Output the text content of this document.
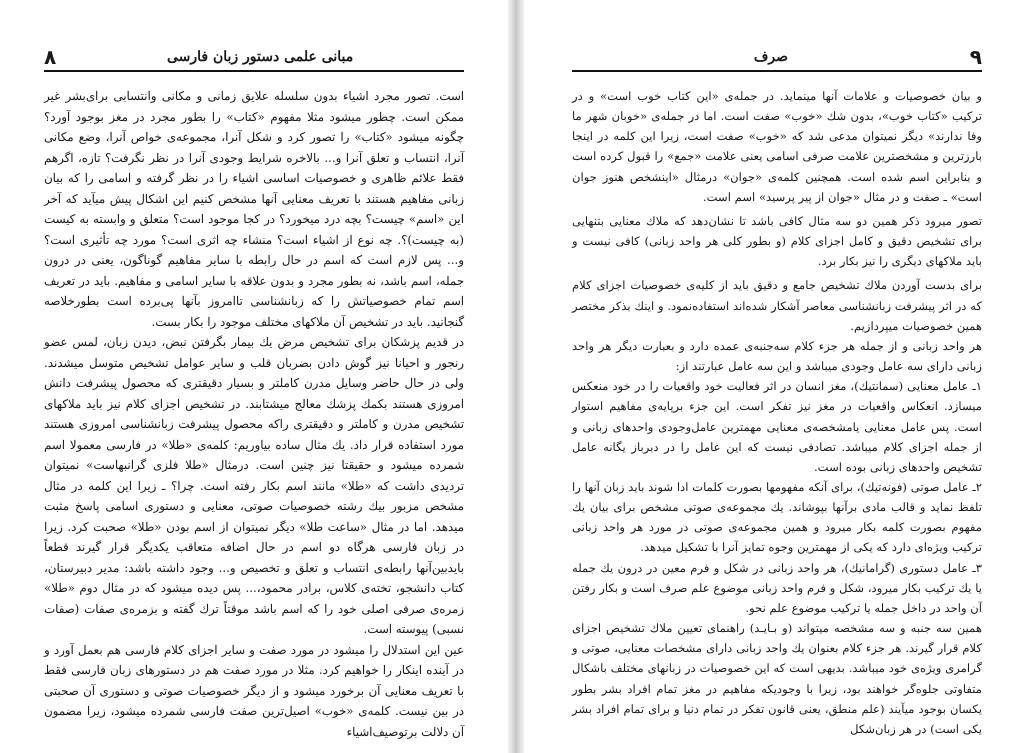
مبانی علمی دستور زبان فارسی
٨

است. تصور مجرد اشیاء بدون سلسله علایق زمانی و مکانی وانتسابی برای‌بشر غیر ممکن است. چطور میشود مثلا مفهوم «کتاب» را بطور مجرد در مغز بوجود آورد؟ چگونه میشود «کتاب» را تصور کرد و شکل آنرا، مجموعه‌ی خواص آنرا، وضع مکانی آنرا، انتساب و تعلق آنرا و... بالاخره شرایط وجودی آنرا در نظر نگرفت؟ تازه، اگرهم فقط علائم ظاهری و خصوصیات اساسی اشیاء را در نظر گرفته و اسامی را که بیان زبانی مفاهیم هستند با تعریف معنایی آنها مشخص کنیم این اشکال پیش میآید که آخر این «اسم» چیست؟ بچه درد میخورد؟ در کجا موجود است؟ متعلق و وابسته به کیست (به چیست)؟. چه نوع از اشیاء است؟ منشاء چه اثری است؟ مورد چه تأثیری است؟ و... پس لازم است که اسم در حال رابطه با سایر مفاهیم گوناگون، یعنی در درون جمله، اسم باشد، نه بطور مجرد و بدون علاقه با سایر اسامی و مفاهیم. باید در تعریف اسم تمام خصوصیاتش را که زبانشناسی تاامروز بآنها پی‌برده است بطورخلاصه گنجانید. باید در تشخیص آن ملاکهای مختلف موجود را بکار بست.

در قدیم پزشکان برای تشخیص مرض یك بیمار بگرفتن نبض، دیدن زبان، لمس عضو رنجور و احیانا نیز گوش دادن بضربان قلب و سایر عوامل تشخیص متوسل میشدند. ولی در حال حاضر وسایل مدرن کاملتر و بسیار دقیقتری که محصول پیشرفت دانش امروزی هستند بکمك پزشك معالج میشتابند. در تشخیص اجزای کلام نیز باید ملاکهای تشخیص مدرن و کاملتر و دقیقتری راکه محصول پیشرفت زبانشناسی امروزی هستند مورد استفاده قرار داد. یك مثال ساده بیاوریم: کلمه‌ی «طلا» در فارسی معمولا اسم شمرده میشود و حقیقتا نیز چنین است. درمثال «طلا فلزی گرانبهاست» نمیتوان تردیدی داشت که «طلا» مانند اسم بکار رفته است. چرا؟ ـ زیرا این کلمه در مثال مشخص مزبور بیك رشته خصوصیات صوتی، معنایی و دستوری اسامی پاسخ مثبت میدهد. اما در مثال «ساعت طلا» دیگر نمیتوان از اسم بودن «طلا» صحبت کرد. زیرا در زبان فارسی هرگاه دو اسم در حال اضافه متعاقب یکدیگر قرار گیرند قطعاً بایدبین‌آنها رابطه‌ی انتساب و تعلق و تخصیص و... وجود داشته باشد: مدیر دبیرستان، کتاب دانشجو، تخته‌ی کلاس، برادر محمود،... پس دیده میشود که در مثال دوم «طلا» زمره‌ی صرفی اصلی خود را که اسم باشد موقتاً ترك گفته و بزمره‌ی صفات (صفات نسبی) پیوسته است.

عین این استدلال را میشود در مورد صفت و سایر اجزای کلام فارسی هم بعمل آورد و در آینده اینکار را خواهیم کرد. مثلا در مورد صفت هم در دستورهای زبان فارسی فقط با تعریف معنایی آن برخورد میشود و از دیگر خصوصیات صوتی و دستوری آن صحبتی در بین نیست. کلمه‌ی «خوب» اصیل‌ترین صفت فارسی شمرده میشود، زیرا مضمون آن دلالت برتوصیف‌اشیاء

٩
صرف

و بیان خصوصیات و علامات آنها مینماید. در جمله‌ی «این کتاب خوب است» و در ترکیب «کتاب خوب»، بدون شك «خوب» صفت است. اما در جمله‌ی «خوبان شهر ما وفا ندارند» دیگر نمیتوان مدعی شد که «خوب» صفت است، زیرا این کلمه در اینجا بارزترین و مشخصترین علامت صرفی اسامی یعنی علامت «جمع» را قبول کرده است و بنابراین اسم شده است. همچنین کلمه‌ی «جوان» درمثال «اینشخص هنوز جوان است» ـ صفت و در مثال «جوان از پیر پرسید» اسم است.

تصور میرود ذکر همین دو سه مثال کافی باشد تا نشان‌دهد که ملاك معنایی بتنهایی برای تشخیص دقیق و کامل اجزای کلام (و بطور کلی هر واحد زبانی) کافی نیست و باید ملاکهای دیگری را نیز بکار برد.

برای بدست آوردن ملاك تشخیص جامع و دقیق باید از کلیه‌ی خصوصیات اجزای کلام که در اثر پیشرفت زبانشناسی معاصر آشکار شده‌اند استفاده‌نمود. و اینك بذکر مختصر همین خصوصیات میپردازیم.

هر واحد زبانی و از جمله هر جزء کلام سه‌جنبه‌ی عمده دارد و بعبارت دیگر هر واحد زبانی دارای سه عامل وجودی میباشد و این سه عامل عبارتند از:

١ـ عامل معنایی (سمانتیك)، مغز انسان در اثر فعالیت خود واقعیات را در خود منعکس میسازد. انعکاس واقعیات در مغز نیز تفکر است. این جزء برپایه‌ی مفاهیم استوار است. پس عامل معنایی یامشخصه‌ی معنایی مهمترین عامل‌وجودی واحدهای زبانی و از جمله اجزای کلام میباشد. تصادفی نیست که این عامل را در دبرباز یگانه عامل تشخیص واحدهای زبانی بوده است.

٢ـ عامل صوتی (فونه‌تیك)، برای آنکه مفهومها بصورت کلمات ادا شوند باید زبان آنها را تلفظ نماید و قالب مادی برآنها بپوشاند. یك مجموعه‌ی صوتی مشخص برای بیان یك مفهوم بصورت کلمه بکار میرود و همین مجموعه‌ی صوتی در مورد هر واحد زبانی ترکیب ویژه‌ای دارد که یکی از مهمترین وجوه تمایز آنرا با تشکیل میدهد.

٣ـ عامل دستوری (گرامانیك)، هر واحد زبانی در شکل و فرم معین در درون یك جمله یا یك ترکیب بکار میرود، شکل و فرم واحد زبانی موضوع علم صرف است و بکار رفتن آن واحد در داخل جمله یا ترکیب موضوع علم نحو.

همین سه جنبه و سه مشخصه میتواند (و بـایـد) راهنمای تعیین ملاك تشخیص اجزای کلام قرار گیرند. هر جزء کلام بعنوان یك واحد زبانی دارای مشخصات معنایی، صوتی و گرامری ویژه‌ی خود میباشد. بدیهی است که این خصوصیات در زبانهای مختلف باشکال متفاوتی جلوه‌گر خواهند بود، زیرا با وجودیکه مفاهیم در مغز تمام افراد بشر بطور یکسان بوجود میآیند (علم منطق، یعنی قانون تفکر در تمام دنیا و برای تمام افراد بشر یکی است) در هر زبان‌شکل
